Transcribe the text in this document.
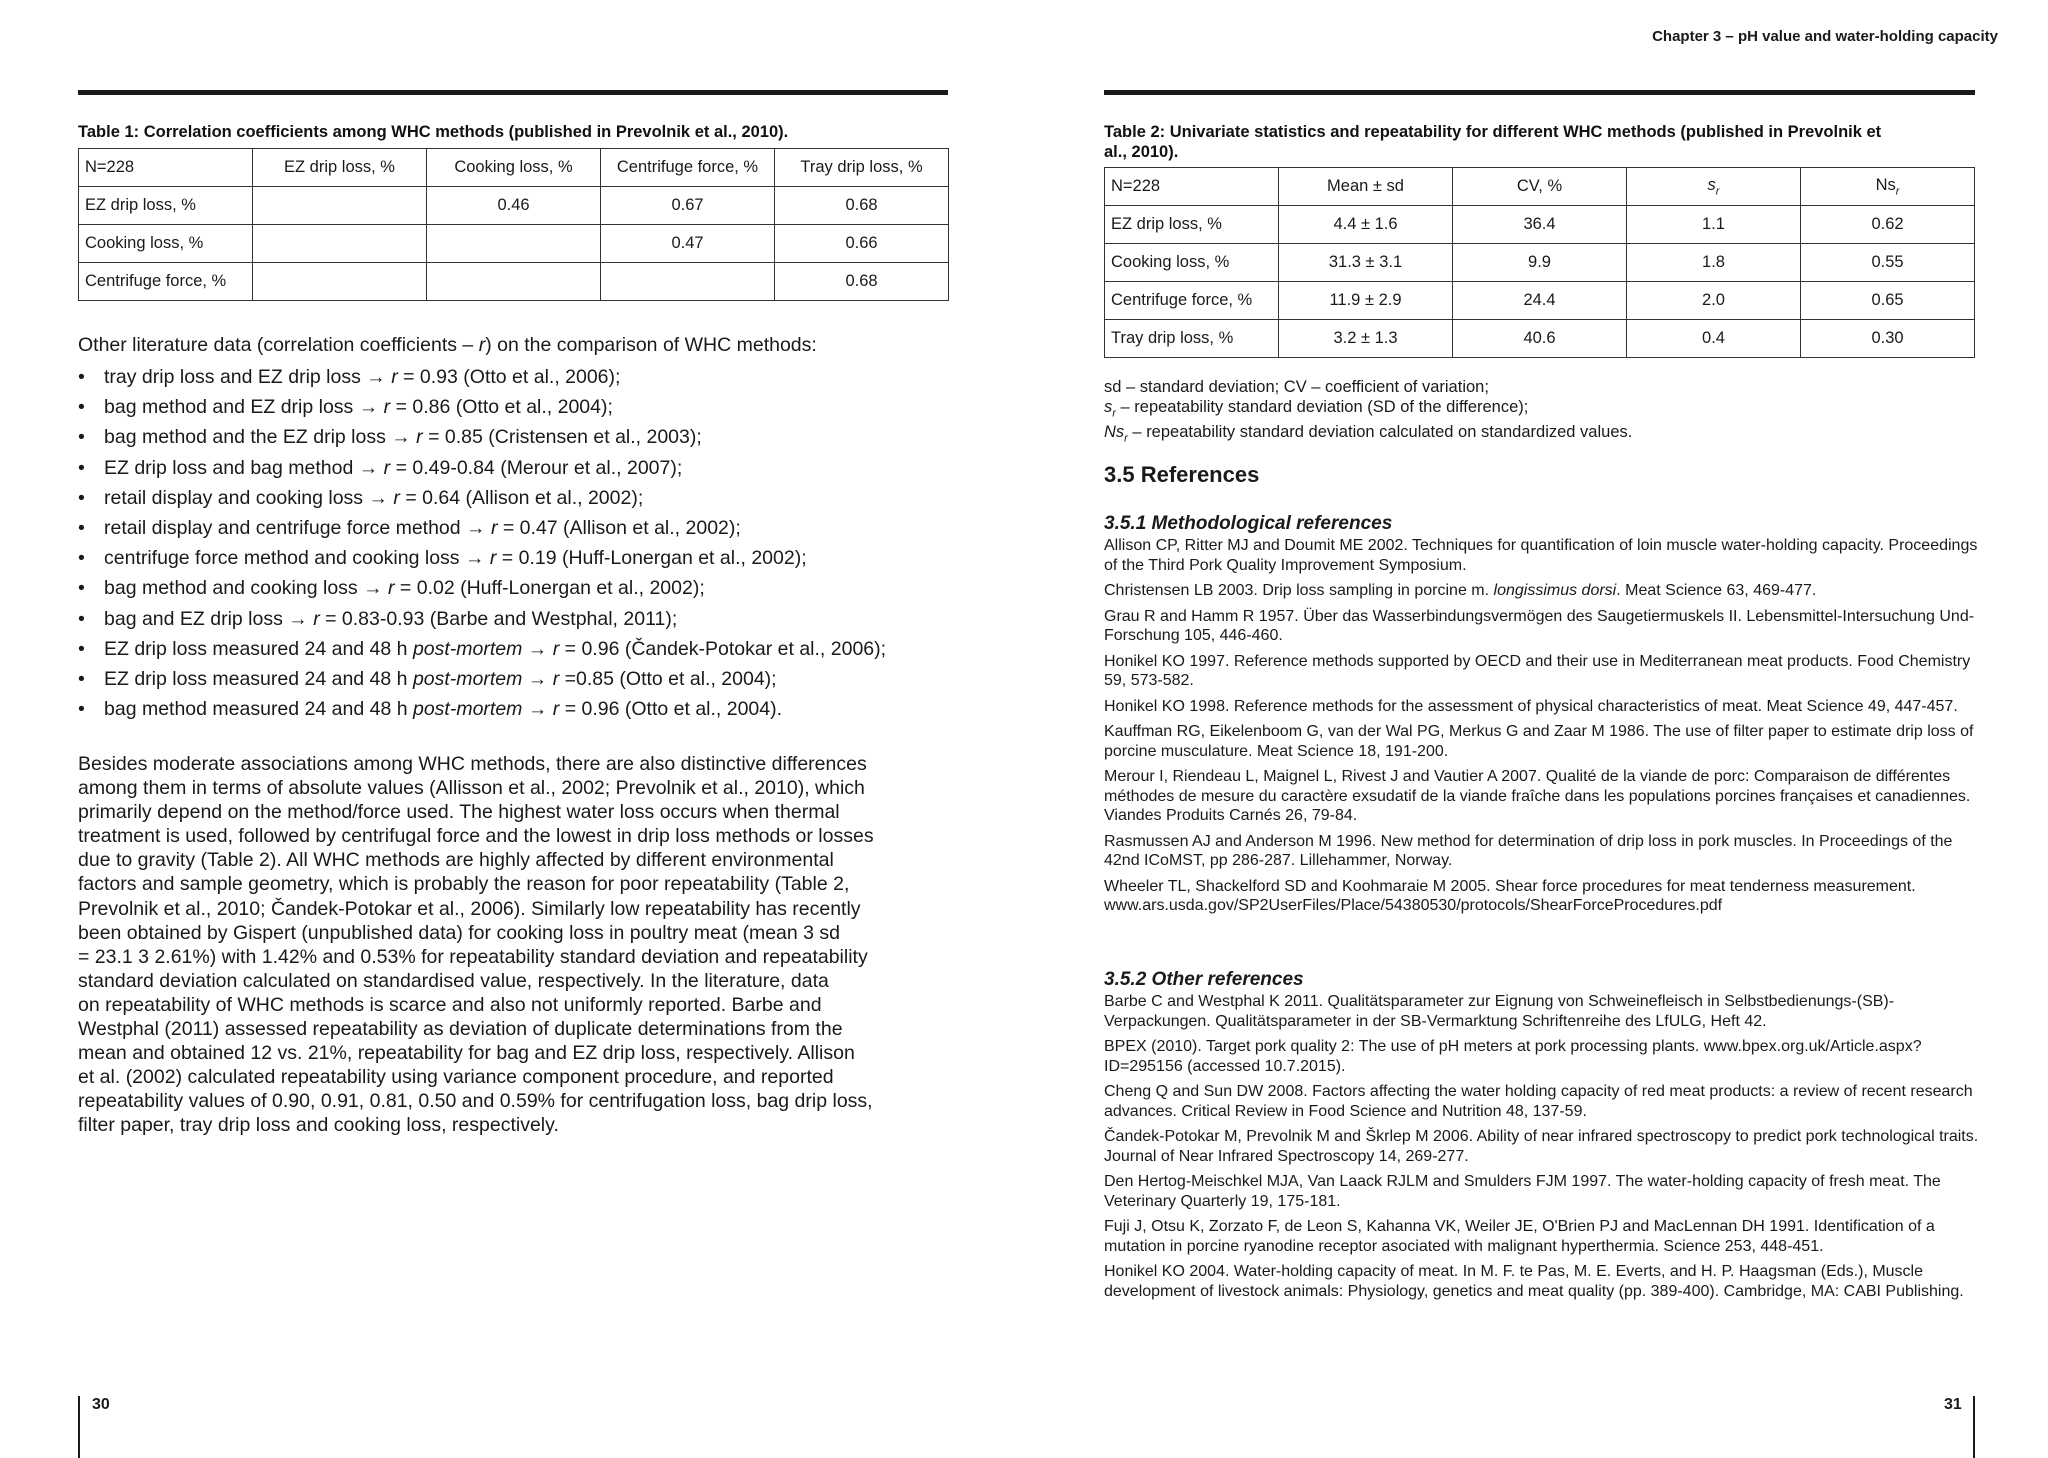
Table 1: Correlation coefficients among WHC methods (published in Prevolnik et al., 2010).
N=228	EZ drip loss, %	Cooking loss, %	Centrifuge force, %	Tray drip loss, %
EZ drip loss, %		0.46	0.67	0.68
Cooking loss, %			0.47	0.66
Centrifuge force, %				0.68
Other literature data (correlation coefficients – r) on the comparison of WHC methods:
• tray drip loss and EZ drip loss → r = 0.93 (Otto et al., 2006);
• bag method and EZ drip loss → r = 0.86 (Otto et al., 2004);
• bag method and the EZ drip loss → r = 0.85 (Cristensen et al., 2003);
• EZ drip loss and bag method → r = 0.49-0.84 (Merour et al., 2007);
• retail display and cooking loss → r = 0.64 (Allison et al., 2002);
• retail display and centrifuge force method → r = 0.47 (Allison et al., 2002);
• centrifuge force method and cooking loss → r = 0.19 (Huff-Lonergan et al., 2002);
• bag method and cooking loss → r = 0.02 (Huff-Lonergan et al., 2002);
• bag and EZ drip loss → r = 0.83-0.93 (Barbe and Westphal, 2011);
• EZ drip loss measured 24 and 48 h post-mortem → r = 0.96 (Čandek-Potokar et al., 2006);
• EZ drip loss measured 24 and 48 h post-mortem → r =0.85 (Otto et al., 2004);
• bag method measured 24 and 48 h post-mortem → r = 0.96 (Otto et al., 2004).
Besides moderate associations among WHC methods, there are also distinctive differences
among them in terms of absolute values (Allisson et al., 2002; Prevolnik et al., 2010), which
primarily depend on the method/force used. The highest water loss occurs when thermal
treatment is used, followed by centrifugal force and the lowest in drip loss methods or losses
due to gravity (Table 2). All WHC methods are highly affected by different environmental
factors and sample geometry, which is probably the reason for poor repeatability (Table 2,
Prevolnik et al., 2010; Čandek-Potokar et al., 2006). Similarly low repeatability has recently
been obtained by Gispert (unpublished data) for cooking loss in poultry meat (mean 3 sd
= 23.1 3 2.61%) with 1.42% and 0.53% for repeatability standard deviation and repeatability
standard deviation calculated on standardised value, respectively. In the literature, data
on repeatability of WHC methods is scarce and also not uniformly reported. Barbe and
Westphal (2011) assessed repeatability as deviation of duplicate determinations from the
mean and obtained 12 vs. 21%, repeatability for bag and EZ drip loss, respectively. Allison
et al. (2002) calculated repeatability using variance component procedure, and reported
repeatability values of 0.90, 0.91, 0.81, 0.50 and 0.59% for centrifugation loss, bag drip loss,
filter paper, tray drip loss and cooking loss, respectively.
30
Chapter 3 – pH value and water-holding capacity
Table 2: Univariate statistics and repeatability for different WHC methods (published in Prevolnik et
al., 2010).
N=228	Mean ± sd	CV, %	$s_r$	$Ns_r$
EZ drip loss, %	4.4 ± 1.6	36.4	1.1	0.62
Cooking loss, %	31.3 ± 3.1	9.9	1.8	0.55
Centrifuge force, %	11.9 ± 2.9	24.4	2.0	0.65
Tray drip loss, %	3.2 ± 1.3	40.6	0.4	0.30
sd – standard deviation; CV – coefficient of variation;
$s_r$ – repeatability standard deviation (SD of the difference);
$Ns_r$ – repeatability standard deviation calculated on standardized values.
3.5 References
3.5.1 Methodological references

Allison CP, Ritter MJ and Doumit ME 2002. Techniques for quantification of loin muscle water-holding capacity. Proceedings of the Third Pork Quality Improvement Symposium.

Christensen LB 2003. Drip loss sampling in porcine m. longissimus dorsi. Meat Science 63, 469-477.

Grau R and Hamm R 1957. Über das Wasserbindungsvermögen des Saugetiermuskels II. Lebensmittel-Intersuchung Und-Forschung 105, 446-460.

Honikel KO 1997. Reference methods supported by OECD and their use in Mediterranean meat products. Food Chemistry 59, 573-582.

Honikel KO 1998. Reference methods for the assessment of physical characteristics of meat. Meat Science 49, 447-457.

Kauffman RG, Eikelenboom G, van der Wal PG, Merkus G and Zaar M 1986. The use of filter paper to estimate drip loss of porcine musculature. Meat Science 18, 191-200.

Merour I, Riendeau L, Maignel L, Rivest J and Vautier A 2007. Qualité de la viande de porc: Comparaison de différentes méthodes de mesure du caractère exsudatif de la viande fraîche dans les populations porcines françaises et canadiennes. Viandes Produits Carnés 26, 79-84.

Rasmussen AJ and Anderson M 1996. New method for determination of drip loss in pork muscles. In Proceedings of the 42nd ICoMST, pp 286-287. Lillehammer, Norway.

Wheeler TL, Shackelford SD and Koohmaraie M 2005. Shear force procedures for meat tenderness measurement. www.ars.usda.gov/SP2UserFiles/Place/54380530/protocols/ShearForceProcedures.pdf

3.5.2 Other references

Barbe C and Westphal K 2011. Qualitätsparameter zur Eignung von Schweinefleisch in Selbstbedienungs-(SB)-Verpackungen. Qualitätsparameter in der SB-Vermarktung Schriftenreihe des LfULG, Heft 42.

BPEX (2010). Target pork quality 2: The use of pH meters at pork processing plants. www.bpex.org.uk/Article.aspx?ID=295156 (accessed 10.7.2015).

Cheng Q and Sun DW 2008. Factors affecting the water holding capacity of red meat products: a review of recent research advances. Critical Review in Food Science and Nutrition 48, 137-59.

Čandek-Potokar M, Prevolnik M and Škrlep M 2006. Ability of near infrared spectroscopy to predict pork technological traits. Journal of Near Infrared Spectroscopy 14, 269-277.

Den Hertog-Meischkel MJA, Van Laack RJLM and Smulders FJM 1997. The water-holding capacity of fresh meat. The Veterinary Quarterly 19, 175-181.

Fuji J, Otsu K, Zorzato F, de Leon S, Kahanna VK, Weiler JE, O'Brien PJ and MacLennan DH 1991. Identification of a mutation in porcine ryanodine receptor asociated with malignant hyperthermia. Science 253, 448-451.

Honikel KO 2004. Water-holding capacity of meat. In M. F. te Pas, M. E. Everts, and H. P. Haagsman (Eds.), Muscle development of livestock animals: Physiology, genetics and meat quality (pp. 389-400). Cambridge, MA: CABI Publishing.

31
